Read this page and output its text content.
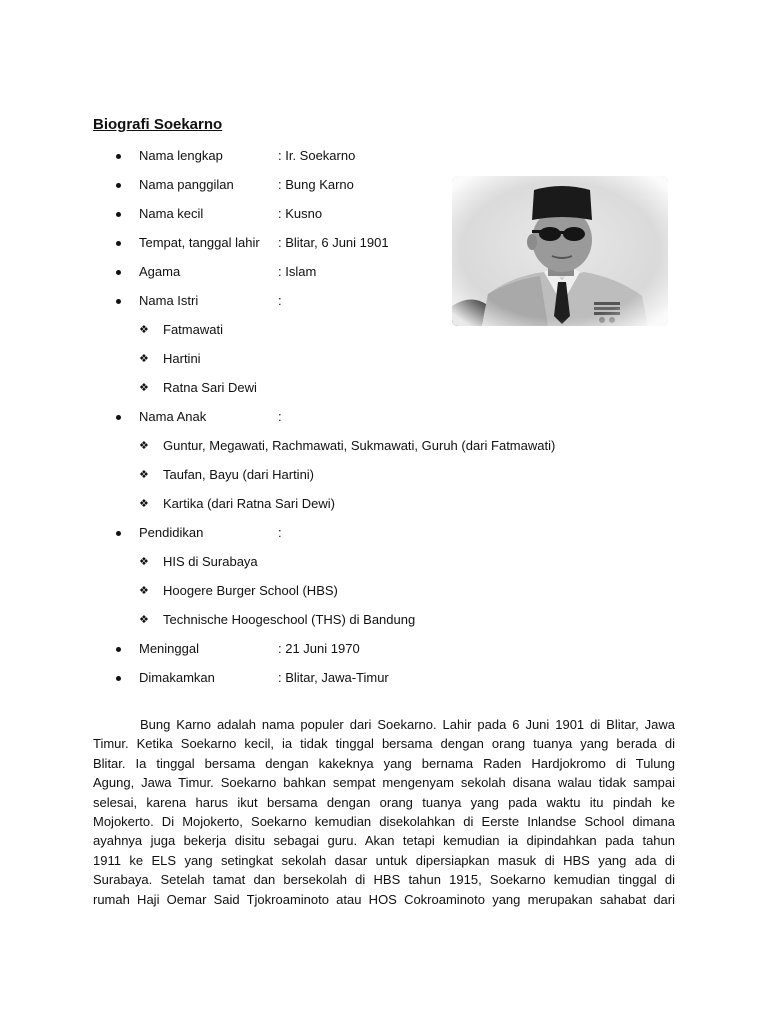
Biografi Soekarno
Nama lengkap	: Ir. Soekarno
Nama panggilan	: Bung Karno
Nama kecil	: Kusno
Tempat, tanggal lahir : Blitar, 6 Juni 1901
Agama	: Islam
Nama Istri	:
❖ Fatmawati
❖ Hartini
❖ Ratna Sari Dewi
Nama Anak	:
❖ Guntur, Megawati, Rachmawati, Sukmawati, Guruh (dari Fatmawati)
❖ Taufan, Bayu (dari Hartini)
❖ Kartika (dari Ratna Sari Dewi)
Pendidikan	:
❖ HIS di Surabaya
❖ Hoogere Burger School (HBS)
❖ Technische Hoogeschool (THS) di Bandung
Meninggal	: 21 Juni 1970
Dimakamkan	: Blitar, Jawa-Timur
Bung Karno adalah nama populer dari Soekarno. Lahir pada 6 Juni 1901 di Blitar, Jawa
Timur. Ketika Soekarno kecil, ia tidak tinggal bersama dengan orang tuanya yang berada di
Blitar. Ia tinggal bersama dengan kakeknya yang bernama Raden Hardjokromo di Tulung
Agung, Jawa Timur. Soekarno bahkan sempat mengenyam sekolah disana walau tidak sampai
selesai, karena harus ikut bersama dengan orang tuanya yang pada waktu itu pindah ke
Mojokerto. Di Mojokerto, Soekarno kemudian disekolahkan di Eerste Inlandse School dimana
ayahnya juga bekerja disitu sebagai guru. Akan tetapi kemudian ia dipindahkan pada tahun
1911 ke ELS yang setingkat sekolah dasar untuk dipersiapkan masuk di HBS yang ada di
Surabaya. Setelah tamat dan bersekolah di HBS tahun 1915, Soekarno kemudian tinggal di
rumah Haji Oemar Said Tjokroaminoto atau HOS Cokroaminoto yang merupakan sahabat dari
